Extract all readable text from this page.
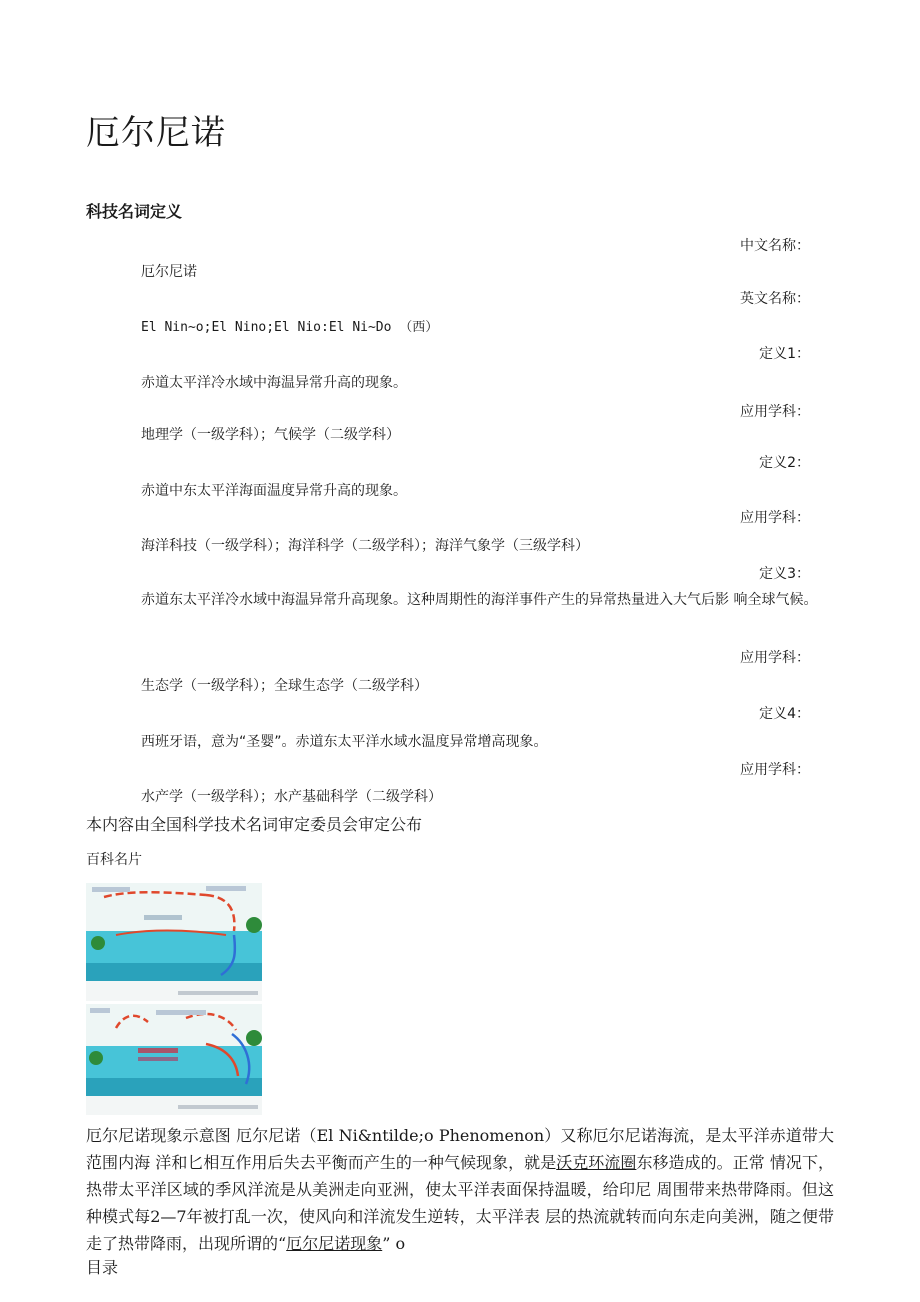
厄尔尼诺
科技名词定义
中文名称：
厄尔尼诺
英文名称：
El Nin~o;El Nino;El Nio:El Ni~Do （西）
定义1：
赤道太平洋冷水域中海温异常升高的现象。
应用学科：
地理学（一级学科）；气候学（二级学科）
定义2：
赤道中东太平洋海面温度异常升高的现象。
应用学科：
海洋科技（一级学科）；海洋科学（二级学科）；海洋气象学（三级学科）
定义3：
赤道东太平洋冷水域中海温异常升高现象。这种周期性的海洋事件产生的异常热量进入大气后影 响全球气候。
应用学科：
生态学（一级学科）；全球生态学（二级学科）
定义4：
西班牙语，意为“圣婴”。赤道东太平洋水域水温度异常增高现象。
应用学科：
水产学（一级学科）；水产基础科学（二级学科）
本内容由全国科学技术名词审定委员会审定公布
百科名片
厄尔尼诺现象示意图 厄尔尼诺（El Ni&ntilde;o Phenomenon）又称厄尔尼诺海流，是太平洋赤道带大范围内海 洋和匕相互作用后失去平衡而产生的一种气候现象，就是沃克环流圈东移造成的。正常 情况下，热带太平洋区域的季风洋流是从美洲走向亚洲，使太平洋表面保持温暖，给印尼 周围带来热带降雨。但这种模式每2—7年被打乱一次，使风向和洋流发生逆转，太平洋表 层的热流就转而向东走向美洲，随之便带走了热带降雨，出现所谓的“厄尔尼诺现象” o
目录
